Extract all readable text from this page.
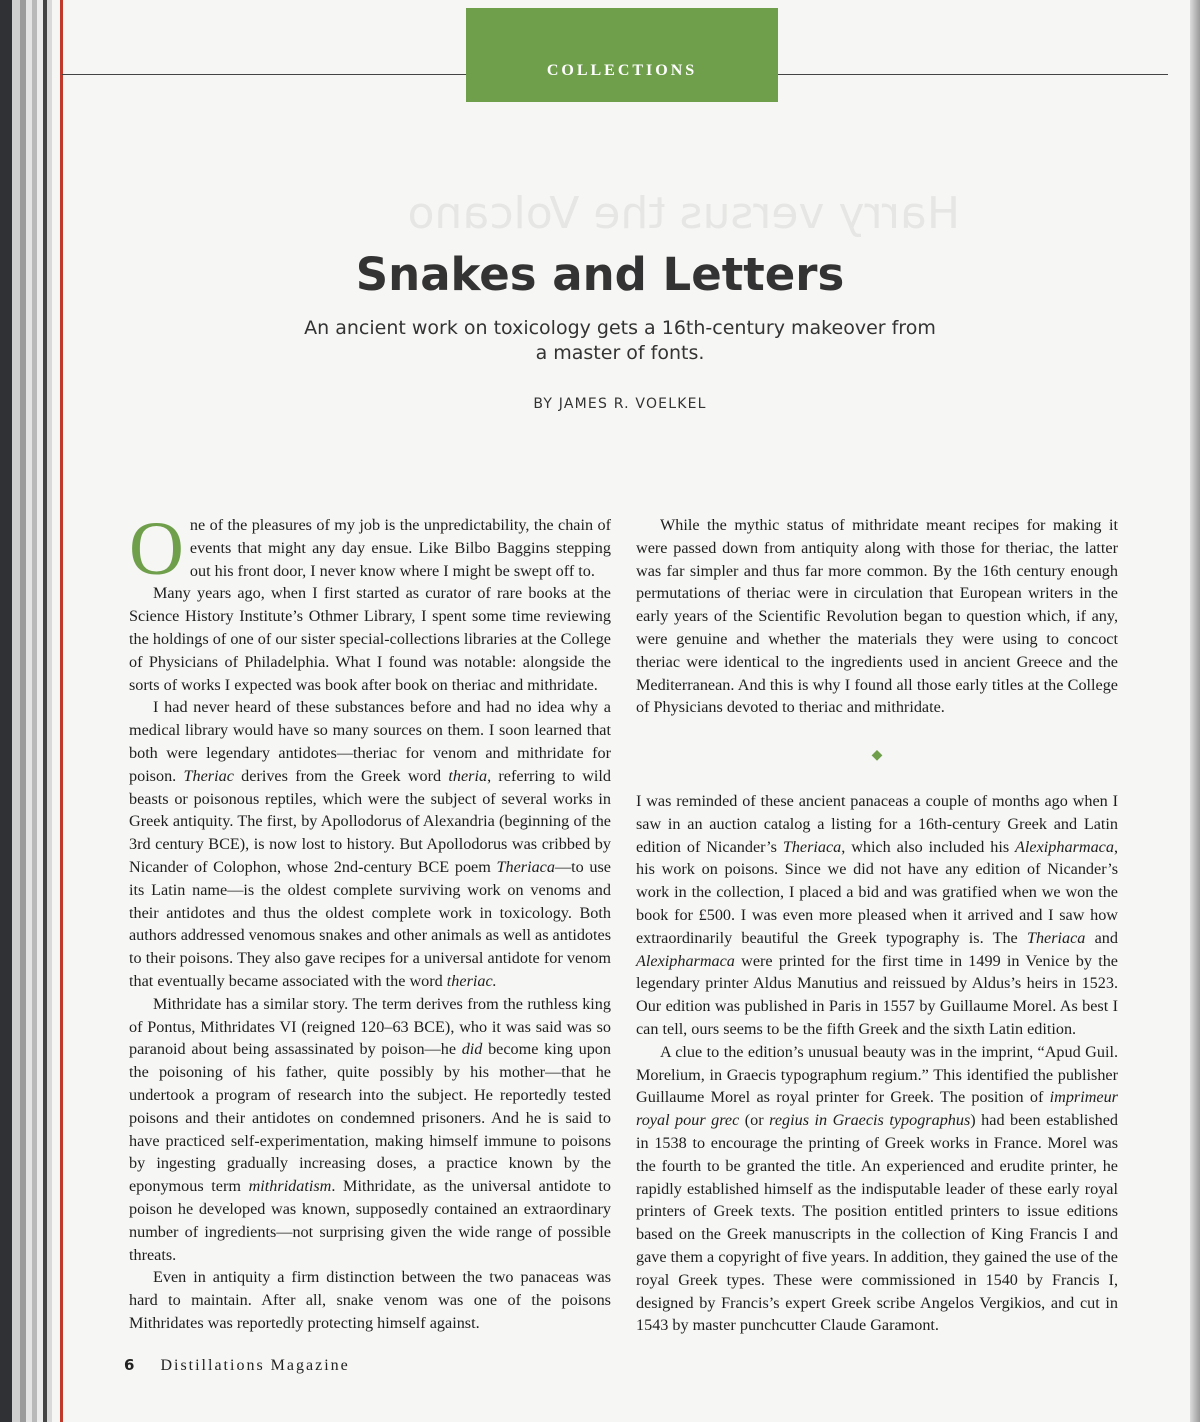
COLLECTIONS
Harry versus the Volcano
Snakes and Letters
An ancient work on toxicology gets a 16th-century makeover from a master of fonts.
BY JAMES R. VOELKEL

One of the pleasures of my job is the unpredictability, the chain of events that might any day ensue. Like Bilbo Baggins stepping out his front door, I never know where I might be swept off to.

Many years ago, when I first started as curator of rare books at the Science History Institute’s Othmer Library, I spent some time reviewing the holdings of one of our sister special-collections libraries at the College of Physicians of Philadelphia. What I found was notable: alongside the sorts of works I expected was book after book on theriac and mithridate.

I had never heard of these substances before and had no idea why a medical library would have so many sources on them. I soon learned that both were legendary antidotes—theriac for venom and mithridate for poison. Theriac derives from the Greek word theria, referring to wild beasts or poisonous reptiles, which were the subject of several works in Greek antiquity. The first, by Apollodorus of Alexandria (beginning of the 3rd century BCE), is now lost to history. But Apollodorus was cribbed by Nicander of Colophon, whose 2nd-century BCE poem Theriaca—to use its Latin name—is the oldest complete surviving work on venoms and their antidotes and thus the oldest complete work in toxicology. Both authors addressed venomous snakes and other animals as well as antidotes to their poisons. They also gave recipes for a universal antidote for venom that eventually became associated with the word theriac.

Mithridate has a similar story. The term derives from the ruthless king of Pontus, Mithridates VI (reigned 120–63 BCE), who it was said was so paranoid about being assassinated by poison—he did become king upon the poisoning of his father, quite possibly by his mother—that he undertook a program of research into the subject. He reportedly tested poisons and their antidotes on condemned prisoners. And he is said to have practiced self-experimentation, making himself immune to poisons by ingesting gradually increasing doses, a practice known by the eponymous term mithridatism. Mithridate, as the universal antidote to poison he developed was known, supposedly contained an extraordinary number of ingredients—not surprising given the wide range of possible threats.

Even in antiquity a firm distinction between the two panaceas was hard to maintain. After all, snake venom was one of the poisons Mithridates was reportedly protecting himself against.

While the mythic status of mithridate meant recipes for making it were passed down from antiquity along with those for theriac, the latter was far simpler and thus far more common. By the 16th century enough permutations of theriac were in circulation that European writers in the early years of the Scientific Revolution began to question which, if any, were genuine and whether the materials they were using to concoct theriac were identical to the ingredients used in ancient Greece and the Mediterranean. And this is why I found all those early titles at the College of Physicians devoted to theriac and mithridate.

◆

I was reminded of these ancient panaceas a couple of months ago when I saw in an auction catalog a listing for a 16th-century Greek and Latin edition of Nicander’s Theriaca, which also included his Alexipharmaca, his work on poisons. Since we did not have any edition of Nicander’s work in the collection, I placed a bid and was gratified when we won the book for £500. I was even more pleased when it arrived and I saw how extraordinarily beautiful the Greek typography is. The Theriaca and Alexipharmaca were printed for the first time in 1499 in Venice by the legendary printer Aldus Manutius and reissued by Aldus’s heirs in 1523. Our edition was published in Paris in 1557 by Guillaume Morel. As best I can tell, ours seems to be the fifth Greek and the sixth Latin edition.

A clue to the edition’s unusual beauty was in the imprint, “Apud Guil. Morelium, in Graecis typographum regium.” This identified the publisher Guillaume Morel as royal printer for Greek. The position of imprimeur royal pour grec (or regius in Graecis typographus) had been established in 1538 to encourage the printing of Greek works in France. Morel was the fourth to be granted the title. An experienced and erudite printer, he rapidly established himself as the indisputable leader of these early royal printers of Greek texts. The position entitled printers to issue editions based on the Greek manuscripts in the collection of King Francis I and gave them a copyright of five years. In addition, they gained the use of the royal Greek types. These were commissioned in 1540 by Francis I, designed by Francis’s expert Greek scribe Angelos Vergikios, and cut in 1543 by master punchcutter Claude Garamont.

6 Distillations Magazine
